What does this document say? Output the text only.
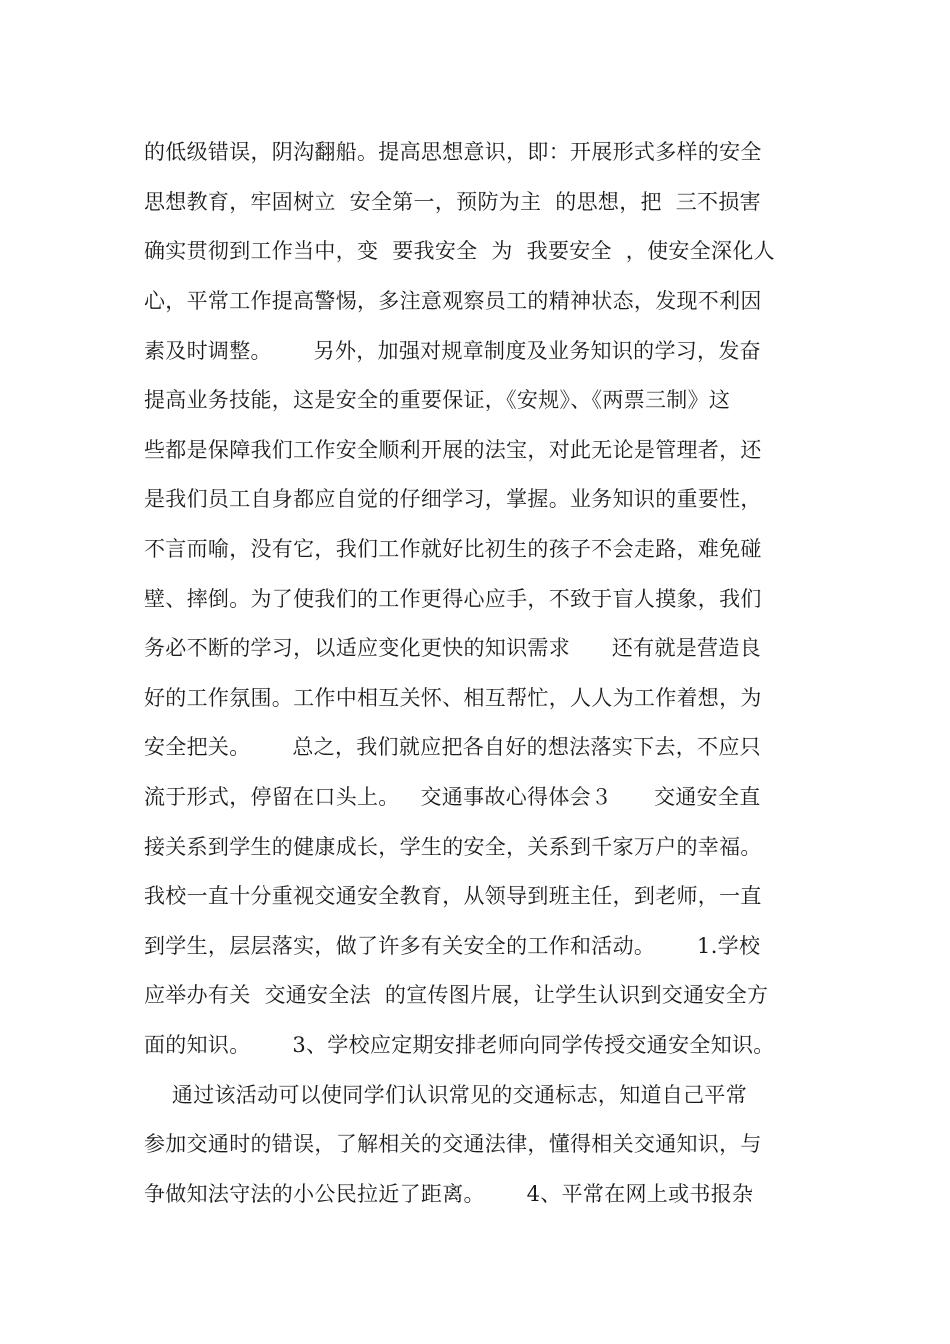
的低级错误，阴沟翻船。提高思想意识，即：开展形式多样的安全
思想教育，牢固树立  安全第一，预防为主  的思想，把  三不损害
确实贯彻到工作当中，变  要我安全  为  我要安全  ，使安全深化人
心，平常工作提高警惕，多注意观察员工的精神状态，发现不利因
素及时调整。      另外，加强对规章制度及业务知识的学习，发奋
提高业务技能，这是安全的重要保证，《安规》、《两票三制》这
些都是保障我们工作安全顺利开展的法宝，对此无论是管理者，还
是我们员工自身都应自觉的仔细学习，掌握。业务知识的重要性，
不言而喻，没有它，我们工作就好比初生的孩子不会走路，难免碰
壁、摔倒。为了使我们的工作更得心应手，不致于盲人摸象，我们
务必不断的学习，以适应变化更快的知识需求      还有就是营造良
好的工作氛围。工作中相互关怀、相互帮忙，人人为工作着想，为
安全把关。      总之，我们就应把各自好的想法落实下去，不应只
流于形式，停留在口头上。   交通事故心得体会３      交通安全直
接关系到学生的健康成长，学生的安全，关系到千家万户的幸福。
我校一直十分重视交通安全教育，从领导到班主任，到老师，一直
到学生，层层落实，做了许多有关安全的工作和活动。      1.学校
应举办有关  交通安全法  的宣传图片展，让学生认识到交通安全方
面的知识。      3、学校应定期安排老师向同学传授交通安全知识。
通过该活动可以使同学们认识常见的交通标志，知道自己平常
参加交通时的错误，了解相关的交通法律，懂得相关交通知识，与
争做知法守法的小公民拉近了距离。      4、平常在网上或书报杂
